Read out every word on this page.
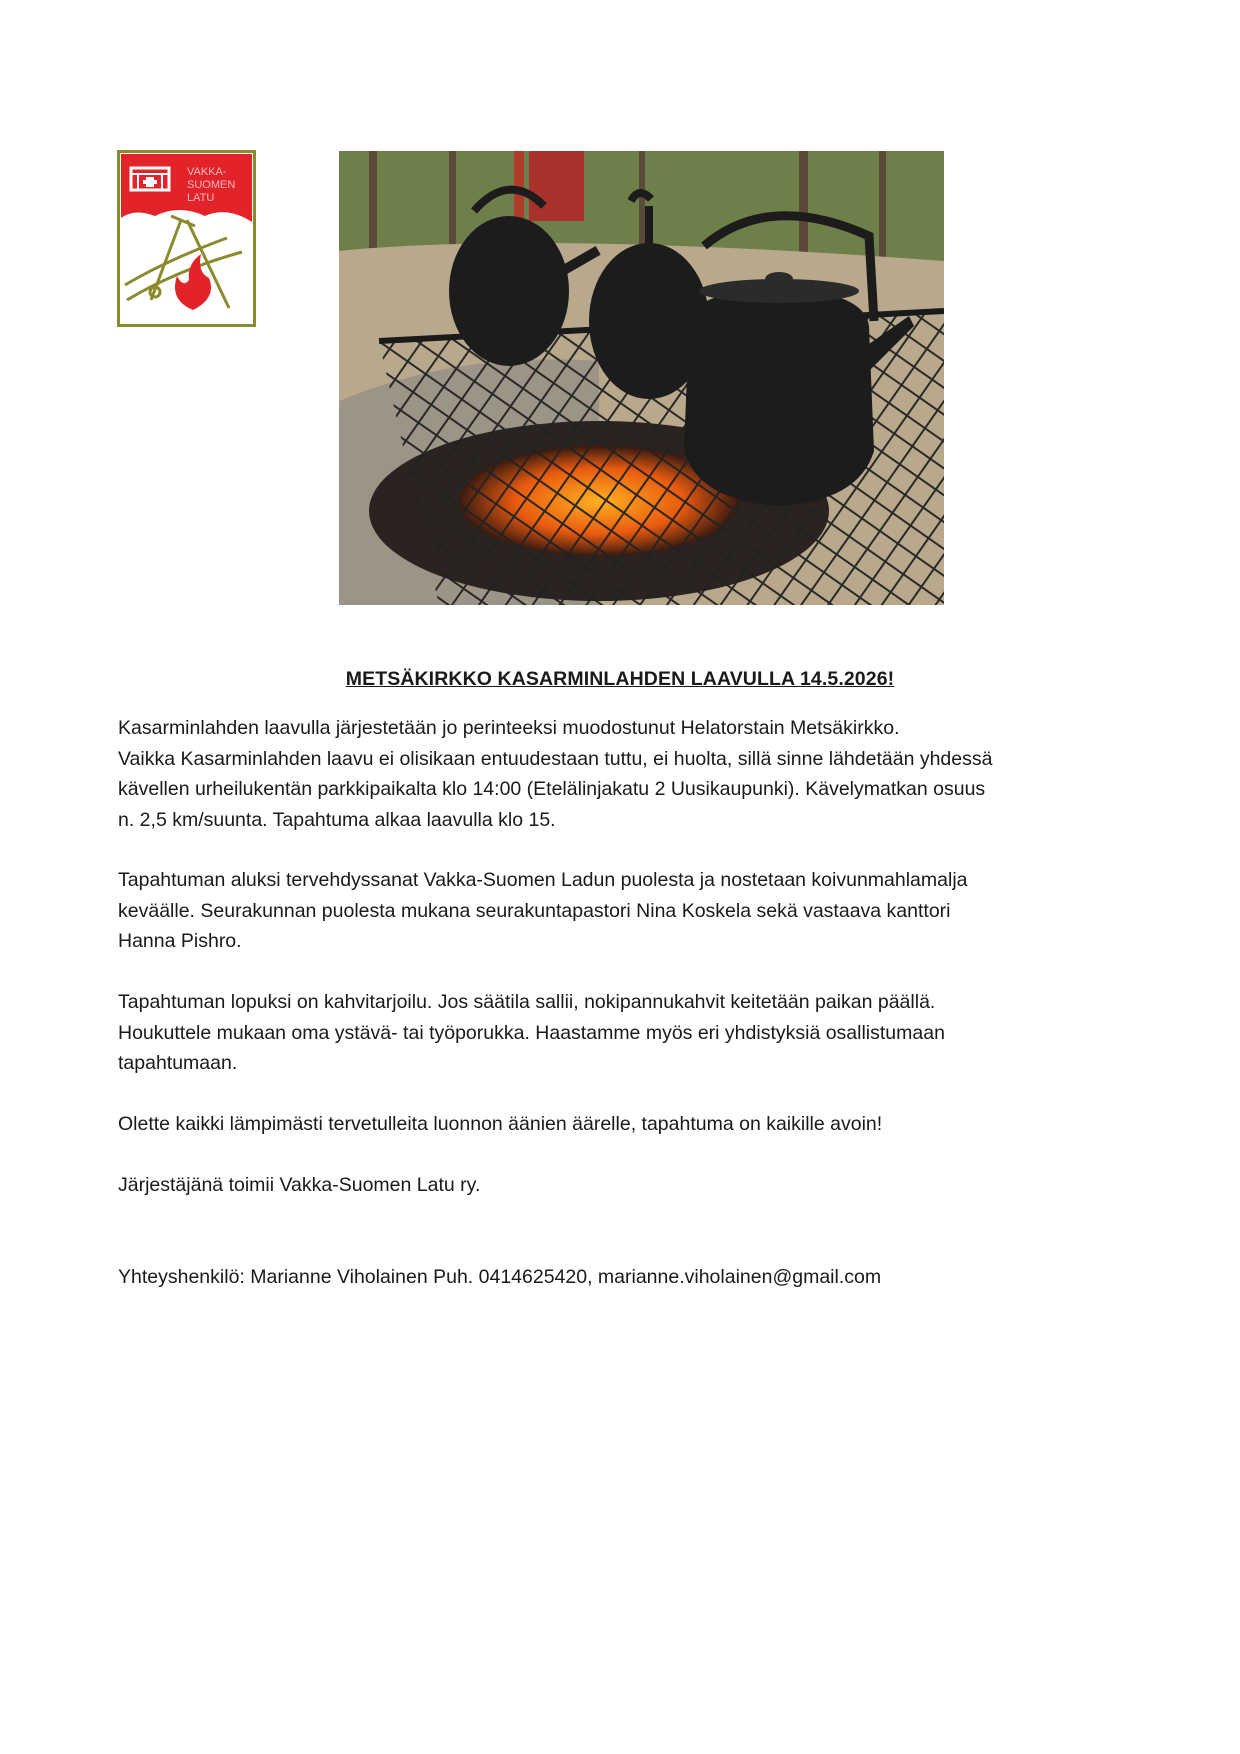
VAKKA-
SUOMEN
LATU
METSÄKIRKKO KASARMINLAHDEN LAAVULLA 14.5.2026!

Kasarminlahden laavulla järjestetään jo perinteeksi muodostunut Helatorstain Metsäkirkko.

Vaikka Kasarminlahden laavu ei olisikaan entuudestaan tuttu, ei huolta, sillä sinne lähdetään yhdessä

kävellen urheilukentän parkkipaikalta klo 14:00 (Etelälinjakatu 2 Uusikaupunki). Kävelymatkan osuus

n. 2,5 km/suunta. Tapahtuma alkaa laavulla klo 15.

Tapahtuman aluksi tervehdyssanat Vakka-Suomen Ladun puolesta ja nostetaan koivunmahlamalja

keväälle. Seurakunnan puolesta mukana seurakuntapastori Nina Koskela sekä vastaava kanttori

Hanna Pishro.

Tapahtuman lopuksi on kahvitarjoilu. Jos säätila sallii, nokipannukahvit keitetään paikan päällä.

Houkuttele mukaan oma ystävä- tai työporukka. Haastamme myös eri yhdistyksiä osallistumaan

tapahtumaan.

Olette kaikki lämpimästi tervetulleita luonnon äänien äärelle, tapahtuma on kaikille avoin!

Järjestäjänä toimii Vakka-Suomen Latu ry.

Yhteyshenkilö: Marianne Viholainen Puh. 0414625420, marianne.viholainen@gmail.com
